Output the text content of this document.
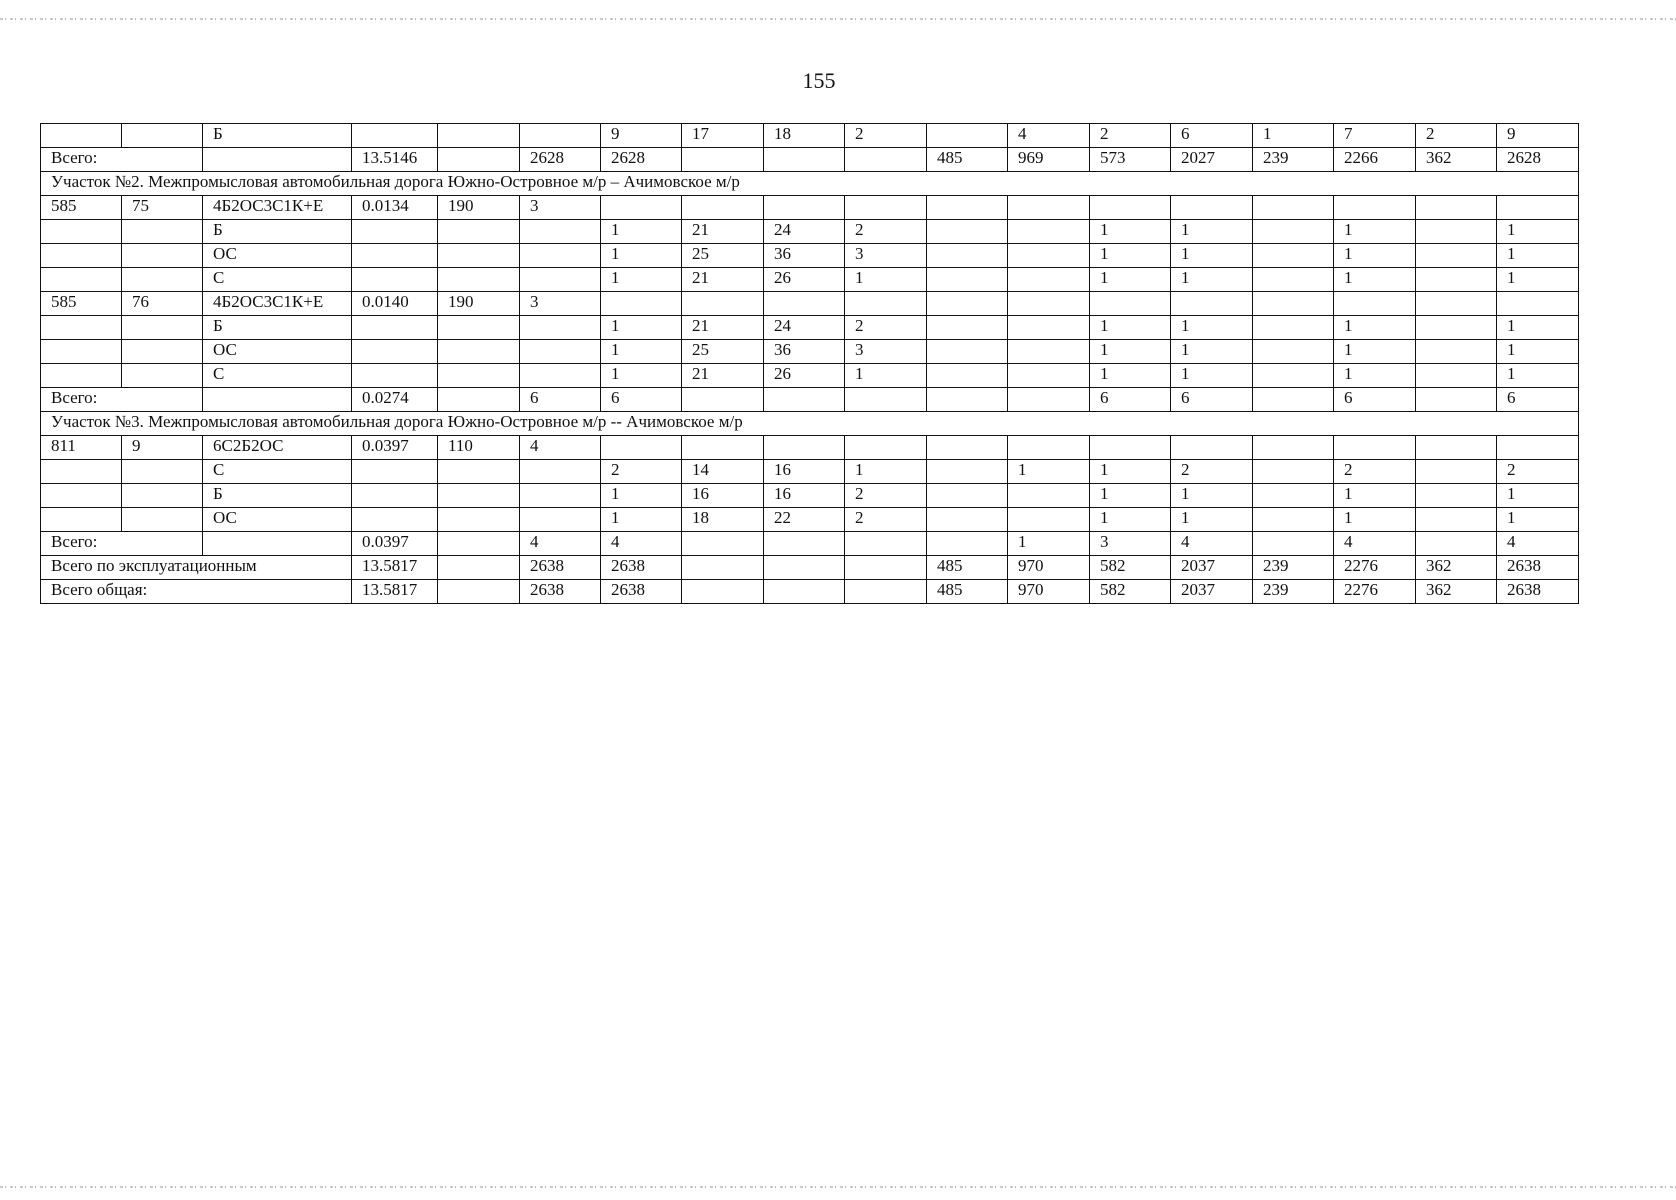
155
		Б				9	17	18	2		4	2	6	1	7	2	9
Всего:			13.5146		2628	2628				485	969	573	2027	239	2266	362	2628
Участок №2. Межпромысловая автомобильная дорога Южно-Островное м/р – Ачимовское м/р																	
585	75	4Б2ОС3С1К+Е	0.0134	190	3												
		Б				1	21	24	2			1	1		1		1
		ОС				1	25	36	3			1	1		1		1
		С				1	21	26	1			1	1		1		1
585	76	4Б2ОС3С1К+Е	0.0140	190	3												
		Б				1	21	24	2			1	1		1		1
		ОС				1	25	36	3			1	1		1		1
		С				1	21	26	1			1	1		1		1
Всего:			0.0274		6	6						6	6		6		6
Участок №3. Межпромысловая автомобильная дорога Южно-Островное м/р -- Ачимовское м/р																	
811	9	6С2Б2ОС	0.0397	110	4												
		С				2	14	16	1		1	1	2		2		2
		Б				1	16	16	2			1	1		1		1
		ОС				1	18	22	2			1	1		1		1
Всего:			0.0397		4	4					1	3	4		4		4
Всего по эксплуатационным			13.5817		2638	2638				485	970	582	2037	239	2276	362	2638
Всего общая:			13.5817		2638	2638				485	970	582	2037	239	2276	362	2638
